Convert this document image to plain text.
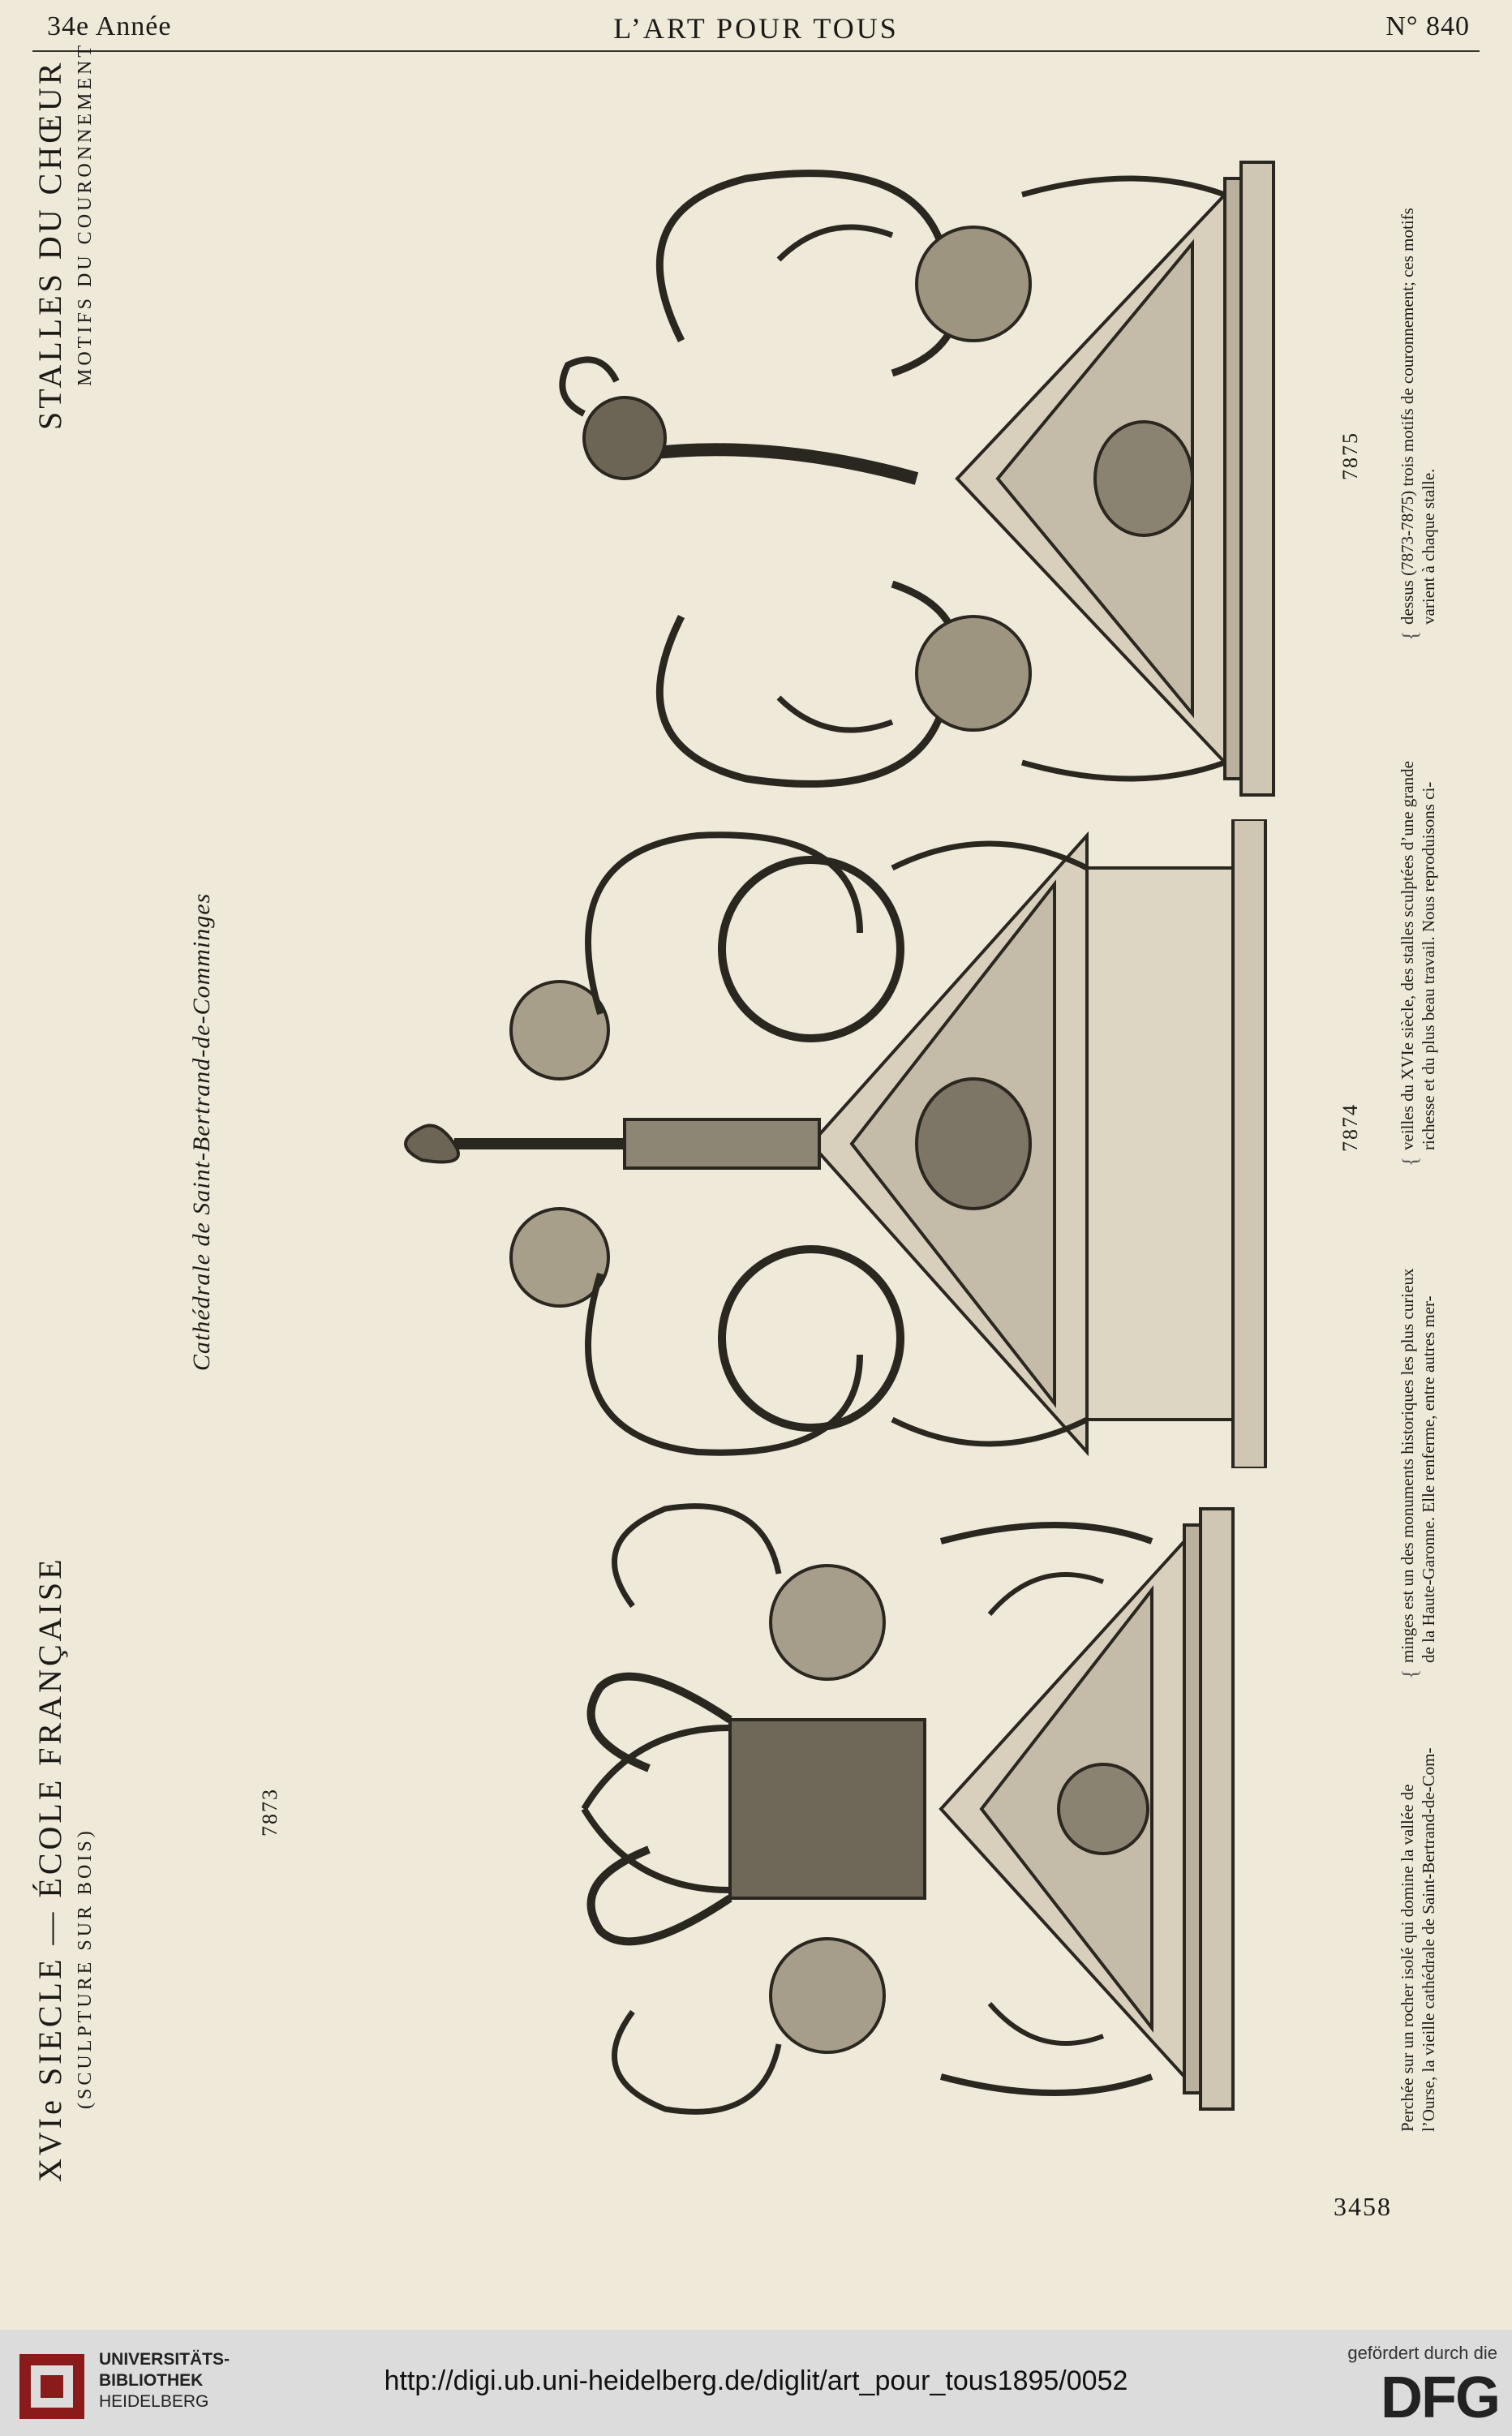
34e Année	L’ART POUR TOUS	N° 840
STALLES DU CHŒUR MOTIFS DU COURONNEMENT
XVIe SIECLE — ÉCOLE FRANÇAISE (SCULPTURE SUR BOIS)
Cathédrale de Saint-Bertrand-de-Comminges
7873
7874
7875
Perchée sur un rocher isolé qui domine la vallée de l’Ourse, la vieille cathédrale de Saint-Bertrand-de-Com-
{
minges est un des monuments historiques les plus curieux de la Haute-Garonne. Elle renferme, entre autres mer-
{
veilles du XVIe siècle, des stalles sculptées d’une grande richesse et du plus beau travail. Nous reproduisons ci-
{
dessus (7873-7875) trois motifs de couronnement; ces motifs varient à chaque stalle.
3458
UNIVERSITÄTS-
BIBLIOTHEK
HEIDELBERG
http://digi.ub.uni-heidelberg.de/diglit/art_pour_tous1895/0052
gefördert durch die
DFG
